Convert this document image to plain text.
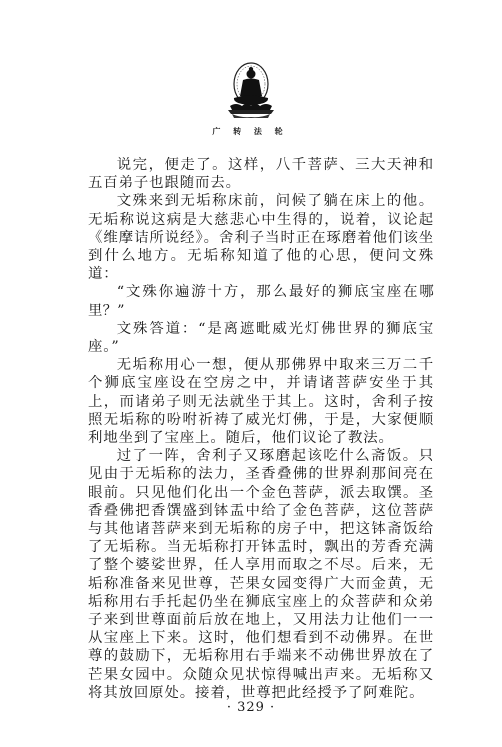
广 转 法 轮

说完，便走了。这样，八千菩萨、三大天神和五百弟子也跟随而去。

文殊来到无垢称床前，问候了躺在床上的他。无垢称说这病是大慈悲心中生得的，说着，议论起《维摩诘所说经》。舍利子当时正在琢磨着他们该坐到什么地方。无垢称知道了他的心思，便问文殊道：

“文殊你遍游十方，那么最好的狮底宝座在哪里？”

文殊答道：“是离遮毗威光灯佛世界的狮底宝座。”

无垢称用心一想，便从那佛界中取来三万二千个狮底宝座设在空房之中，并请诸菩萨安坐于其上，而诸弟子则无法就坐于其上。这时，舍利子按照无垢称的吩咐祈祷了威光灯佛，于是，大家便顺利地坐到了宝座上。随后，他们议论了教法。

过了一阵，舍利子又琢磨起该吃什么斋饭。只见由于无垢称的法力，圣香叠佛的世界刹那间亮在眼前。只见他们化出一个金色菩萨，派去取馔。圣香叠佛把香馔盛到钵盂中给了金色菩萨，这位菩萨与其他诸菩萨来到无垢称的房子中，把这钵斋饭给了无垢称。当无垢称打开钵盂时，飘出的芳香充满了整个婆娑世界，任人享用而取之不尽。后来，无垢称准备来见世尊，芒果女园变得广大而金黄，无垢称用右手托起仍坐在狮底宝座上的众菩萨和众弟子来到世尊面前后放在地上，又用法力让他们一一从宝座上下来。这时，他们想看到不动佛界。在世尊的鼓励下，无垢称用右手端来不动佛世界放在了芒果女园中。众随众见状惊得喊出声来。无垢称又将其放回原处。接着，世尊把此经授予了阿难陀。

· 329 ·
